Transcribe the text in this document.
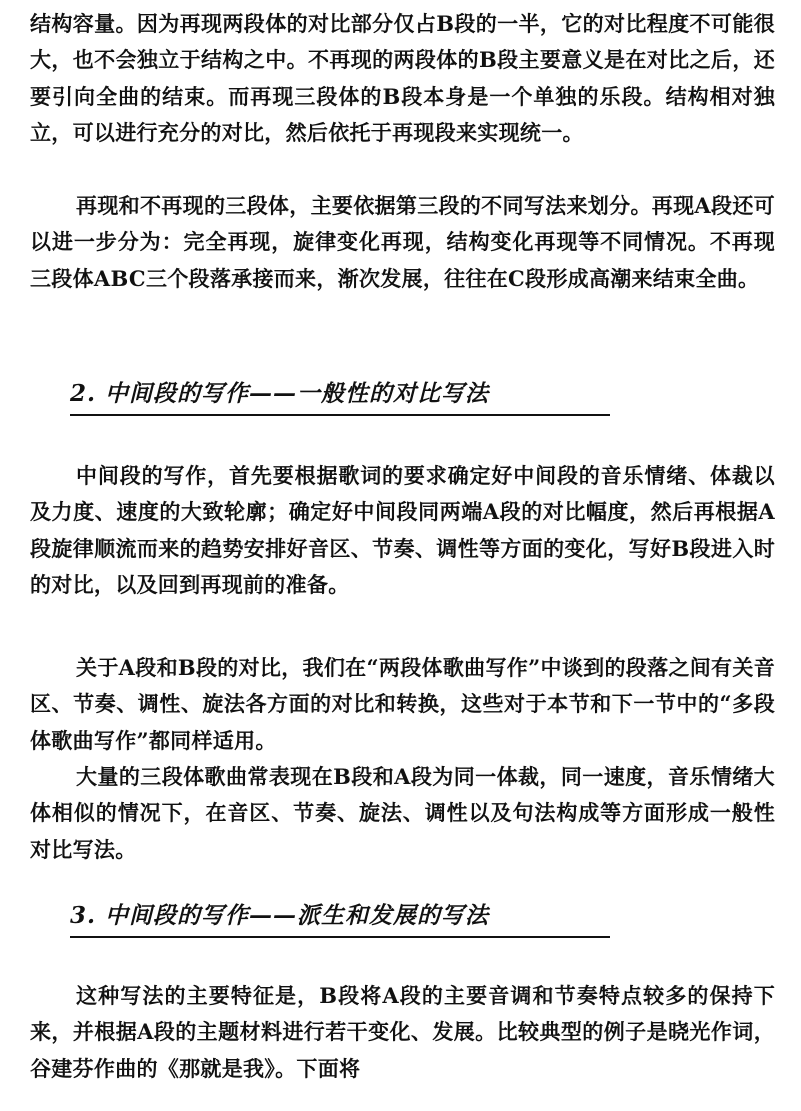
结构容量。因为再现两段体的对比部分仅占B段的一半，它的对比程度不可能很大，也不会独立于结构之中。不再现的两段体的B段主要意义是在对比之后，还要引向全曲的结束。而再现三段体的B段本身是一个单独的乐段。结构相对独立，可以进行充分的对比，然后依托于再现段来实现统一。

再现和不再现的三段体，主要依据第三段的不同写法来划分。再现A段还可以进一步分为：完全再现，旋律变化再现，结构变化再现等不同情况。不再现三段体ABC三个段落承接而来，渐次发展，往往在C段形成高潮来结束全曲。

2. 中间段的写作——一般性的对比写法

中间段的写作，首先要根据歌词的要求确定好中间段的音乐情绪、体裁以及力度、速度的大致轮廓；确定好中间段同两端A段的对比幅度，然后再根据A段旋律顺流而来的趋势安排好音区、节奏、调性等方面的变化，写好B段进入时的对比，以及回到再现前的准备。

关于A段和B段的对比，我们在“两段体歌曲写作”中谈到的段落之间有关音区、节奏、调性、旋法各方面的对比和转换，这些对于本节和下一节中的“多段体歌曲写作”都同样适用。

大量的三段体歌曲常表现在B段和A段为同一体裁，同一速度，音乐情绪大体相似的情况下，在音区、节奏、旋法、调性以及句法构成等方面形成一般性对比写法。

3. 中间段的写作——派生和发展的写法

这种写法的主要特征是，B段将A段的主要音调和节奏特点较多的保持下来，并根据A段的主题材料进行若干变化、发展。比较典型的例子是晓光作词，谷建芬作曲的《那就是我》。下面将
